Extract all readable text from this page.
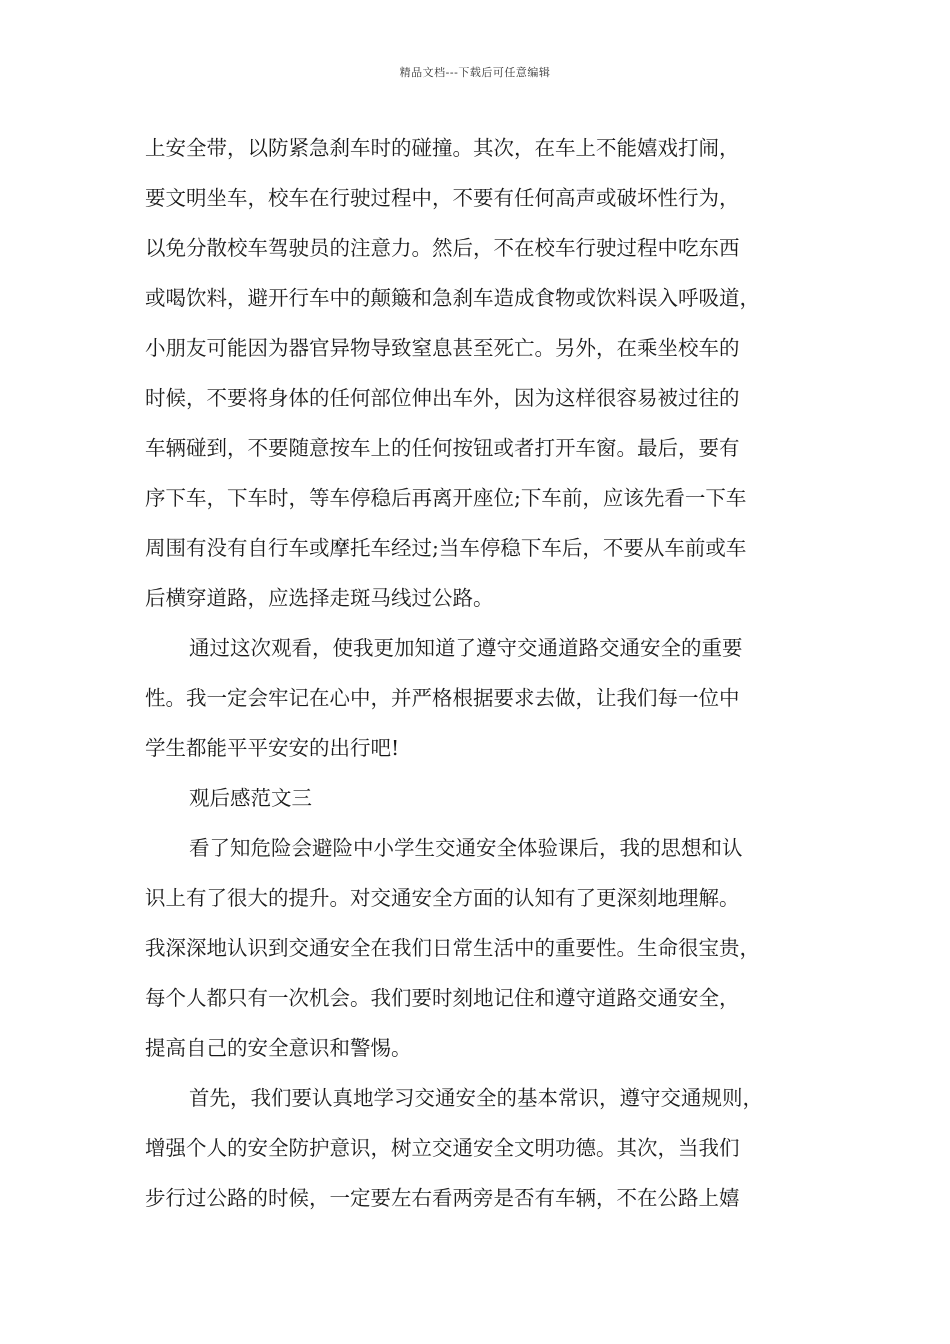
精品文档---下载后可任意编辑
上安全带，以防紧急刹车时的碰撞。其次，在车上不能嬉戏打闹，
要文明坐车，校车在行驶过程中，不要有任何高声或破坏性行为，
以免分散校车驾驶员的注意力。然后，不在校车行驶过程中吃东西
或喝饮料，避开行车中的颠簸和急刹车造成食物或饮料误入呼吸道，
小朋友可能因为器官异物导致窒息甚至死亡。另外，在乘坐校车的
时候，不要将身体的任何部位伸出车外，因为这样很容易被过往的
车辆碰到，不要随意按车上的任何按钮或者打开车窗。最后，要有
序下车，下车时，等车停稳后再离开座位;下车前，应该先看一下车
周围有没有自行车或摩托车经过;当车停稳下车后，不要从车前或车
后横穿道路，应选择走斑马线过公路。
通过这次观看，使我更加知道了遵守交通道路交通安全的重要
性。我一定会牢记在心中，并严格根据要求去做，让我们每一位中
学生都能平平安安的出行吧!
观后感范文三
看了知危险会避险中小学生交通安全体验课后，我的思想和认
识上有了很大的提升。对交通安全方面的认知有了更深刻地理解。
我深深地认识到交通安全在我们日常生活中的重要性。生命很宝贵，
每个人都只有一次机会。我们要时刻地记住和遵守道路交通安全，
提高自己的安全意识和警惕。
首先，我们要认真地学习交通安全的基本常识，遵守交通规则，
增强个人的安全防护意识，树立交通安全文明功德。其次，当我们
步行过公路的时候，一定要左右看两旁是否有车辆，不在公路上嬉
